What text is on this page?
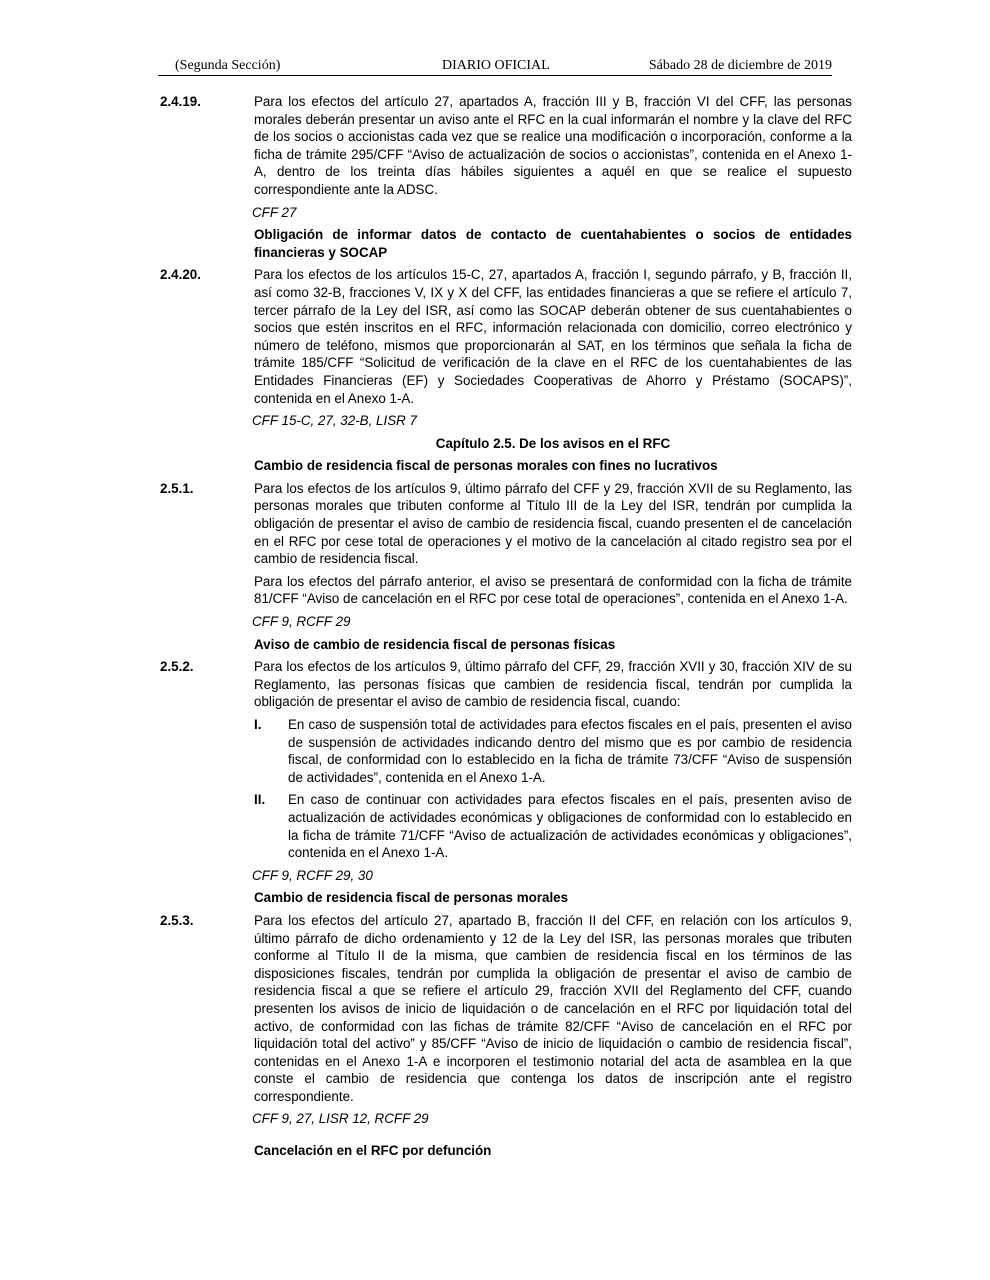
(Segunda Sección)	DIARIO OFICIAL	Sábado 28 de diciembre de 2019
2.4.19.	Para los efectos del artículo 27, apartados A, fracción III y B, fracción VI del CFF, las personas morales deberán presentar un aviso ante el RFC en la cual informarán el nombre y la clave del RFC de los socios o accionistas cada vez que se realice una modificación o incorporación, conforme a la ficha de trámite 295/CFF “Aviso de actualización de socios o accionistas”, contenida en el Anexo 1-A, dentro de los treinta días hábiles siguientes a aquél en que se realice el supuesto correspondiente ante la ADSC.

CFF 27

Obligación de informar datos de contacto de cuentahabientes o socios de entidades financieras y SOCAP

2.4.20.	Para los efectos de los artículos 15-C, 27, apartados A, fracción I, segundo párrafo, y B, fracción II, así como 32-B, fracciones V, IX y X del CFF, las entidades financieras a que se refiere el artículo 7, tercer párrafo de la Ley del ISR, así como las SOCAP deberán obtener de sus cuentahabientes o socios que estén inscritos en el RFC, información relacionada con domicilio, correo electrónico y número de teléfono, mismos que proporcionarán al SAT, en los términos que señala la ficha de trámite 185/CFF “Solicitud de verificación de la clave en el RFC de los cuentahabientes de las Entidades Financieras (EF) y Sociedades Cooperativas de Ahorro y Préstamo (SOCAPS)”, contenida en el Anexo 1-A.

CFF 15-C, 27, 32-B, LISR 7

Capítulo 2.5. De los avisos en el RFC

Cambio de residencia fiscal de personas morales con fines no lucrativos

2.5.1.	Para los efectos de los artículos 9, último párrafo del CFF y 29, fracción XVII de su Reglamento, las personas morales que tributen conforme al Título III de la Ley del ISR, tendrán por cumplida la obligación de presentar el aviso de cambio de residencia fiscal, cuando presenten el de cancelación en el RFC por cese total de operaciones y el motivo de la cancelación al citado registro sea por el cambio de residencia fiscal.

Para los efectos del párrafo anterior, el aviso se presentará de conformidad con la ficha de trámite 81/CFF “Aviso de cancelación en el RFC por cese total de operaciones”, contenida en el Anexo 1-A.

CFF 9, RCFF 29

Aviso de cambio de residencia fiscal de personas físicas

2.5.2.	Para los efectos de los artículos 9, último párrafo del CFF, 29, fracción XVII y 30, fracción XIV de su Reglamento, las personas físicas que cambien de residencia fiscal, tendrán por cumplida la obligación de presentar el aviso de cambio de residencia fiscal, cuando:

I. En caso de suspensión total de actividades para efectos fiscales en el país, presenten el aviso de suspensión de actividades indicando dentro del mismo que es por cambio de residencia fiscal, de conformidad con lo establecido en la ficha de trámite 73/CFF “Aviso de suspensión de actividades”, contenida en el Anexo 1-A.

II. En caso de continuar con actividades para efectos fiscales en el país, presenten aviso de actualización de actividades económicas y obligaciones de conformidad con lo establecido en la ficha de trámite 71/CFF “Aviso de actualización de actividades económicas y obligaciones”, contenida en el Anexo 1-A.

CFF 9, RCFF 29, 30

Cambio de residencia fiscal de personas morales

2.5.3.	Para los efectos del artículo 27, apartado B, fracción II del CFF, en relación con los artículos 9, último párrafo de dicho ordenamiento y 12 de la Ley del ISR, las personas morales que tributen conforme al Título II de la misma, que cambien de residencia fiscal en los términos de las disposiciones fiscales, tendrán por cumplida la obligación de presentar el aviso de cambio de residencia fiscal a que se refiere el artículo 29, fracción XVII del Reglamento del CFF, cuando presenten los avisos de inicio de liquidación o de cancelación en el RFC por liquidación total del activo, de conformidad con las fichas de trámite 82/CFF “Aviso de cancelación en el RFC por liquidación total del activo” y 85/CFF “Aviso de inicio de liquidación o cambio de residencia fiscal”, contenidas en el Anexo 1-A e incorporen el testimonio notarial del acta de asamblea en la que conste el cambio de residencia que contenga los datos de inscripción ante el registro correspondiente.

CFF 9, 27, LISR 12, RCFF 29

Cancelación en el RFC por defunción
